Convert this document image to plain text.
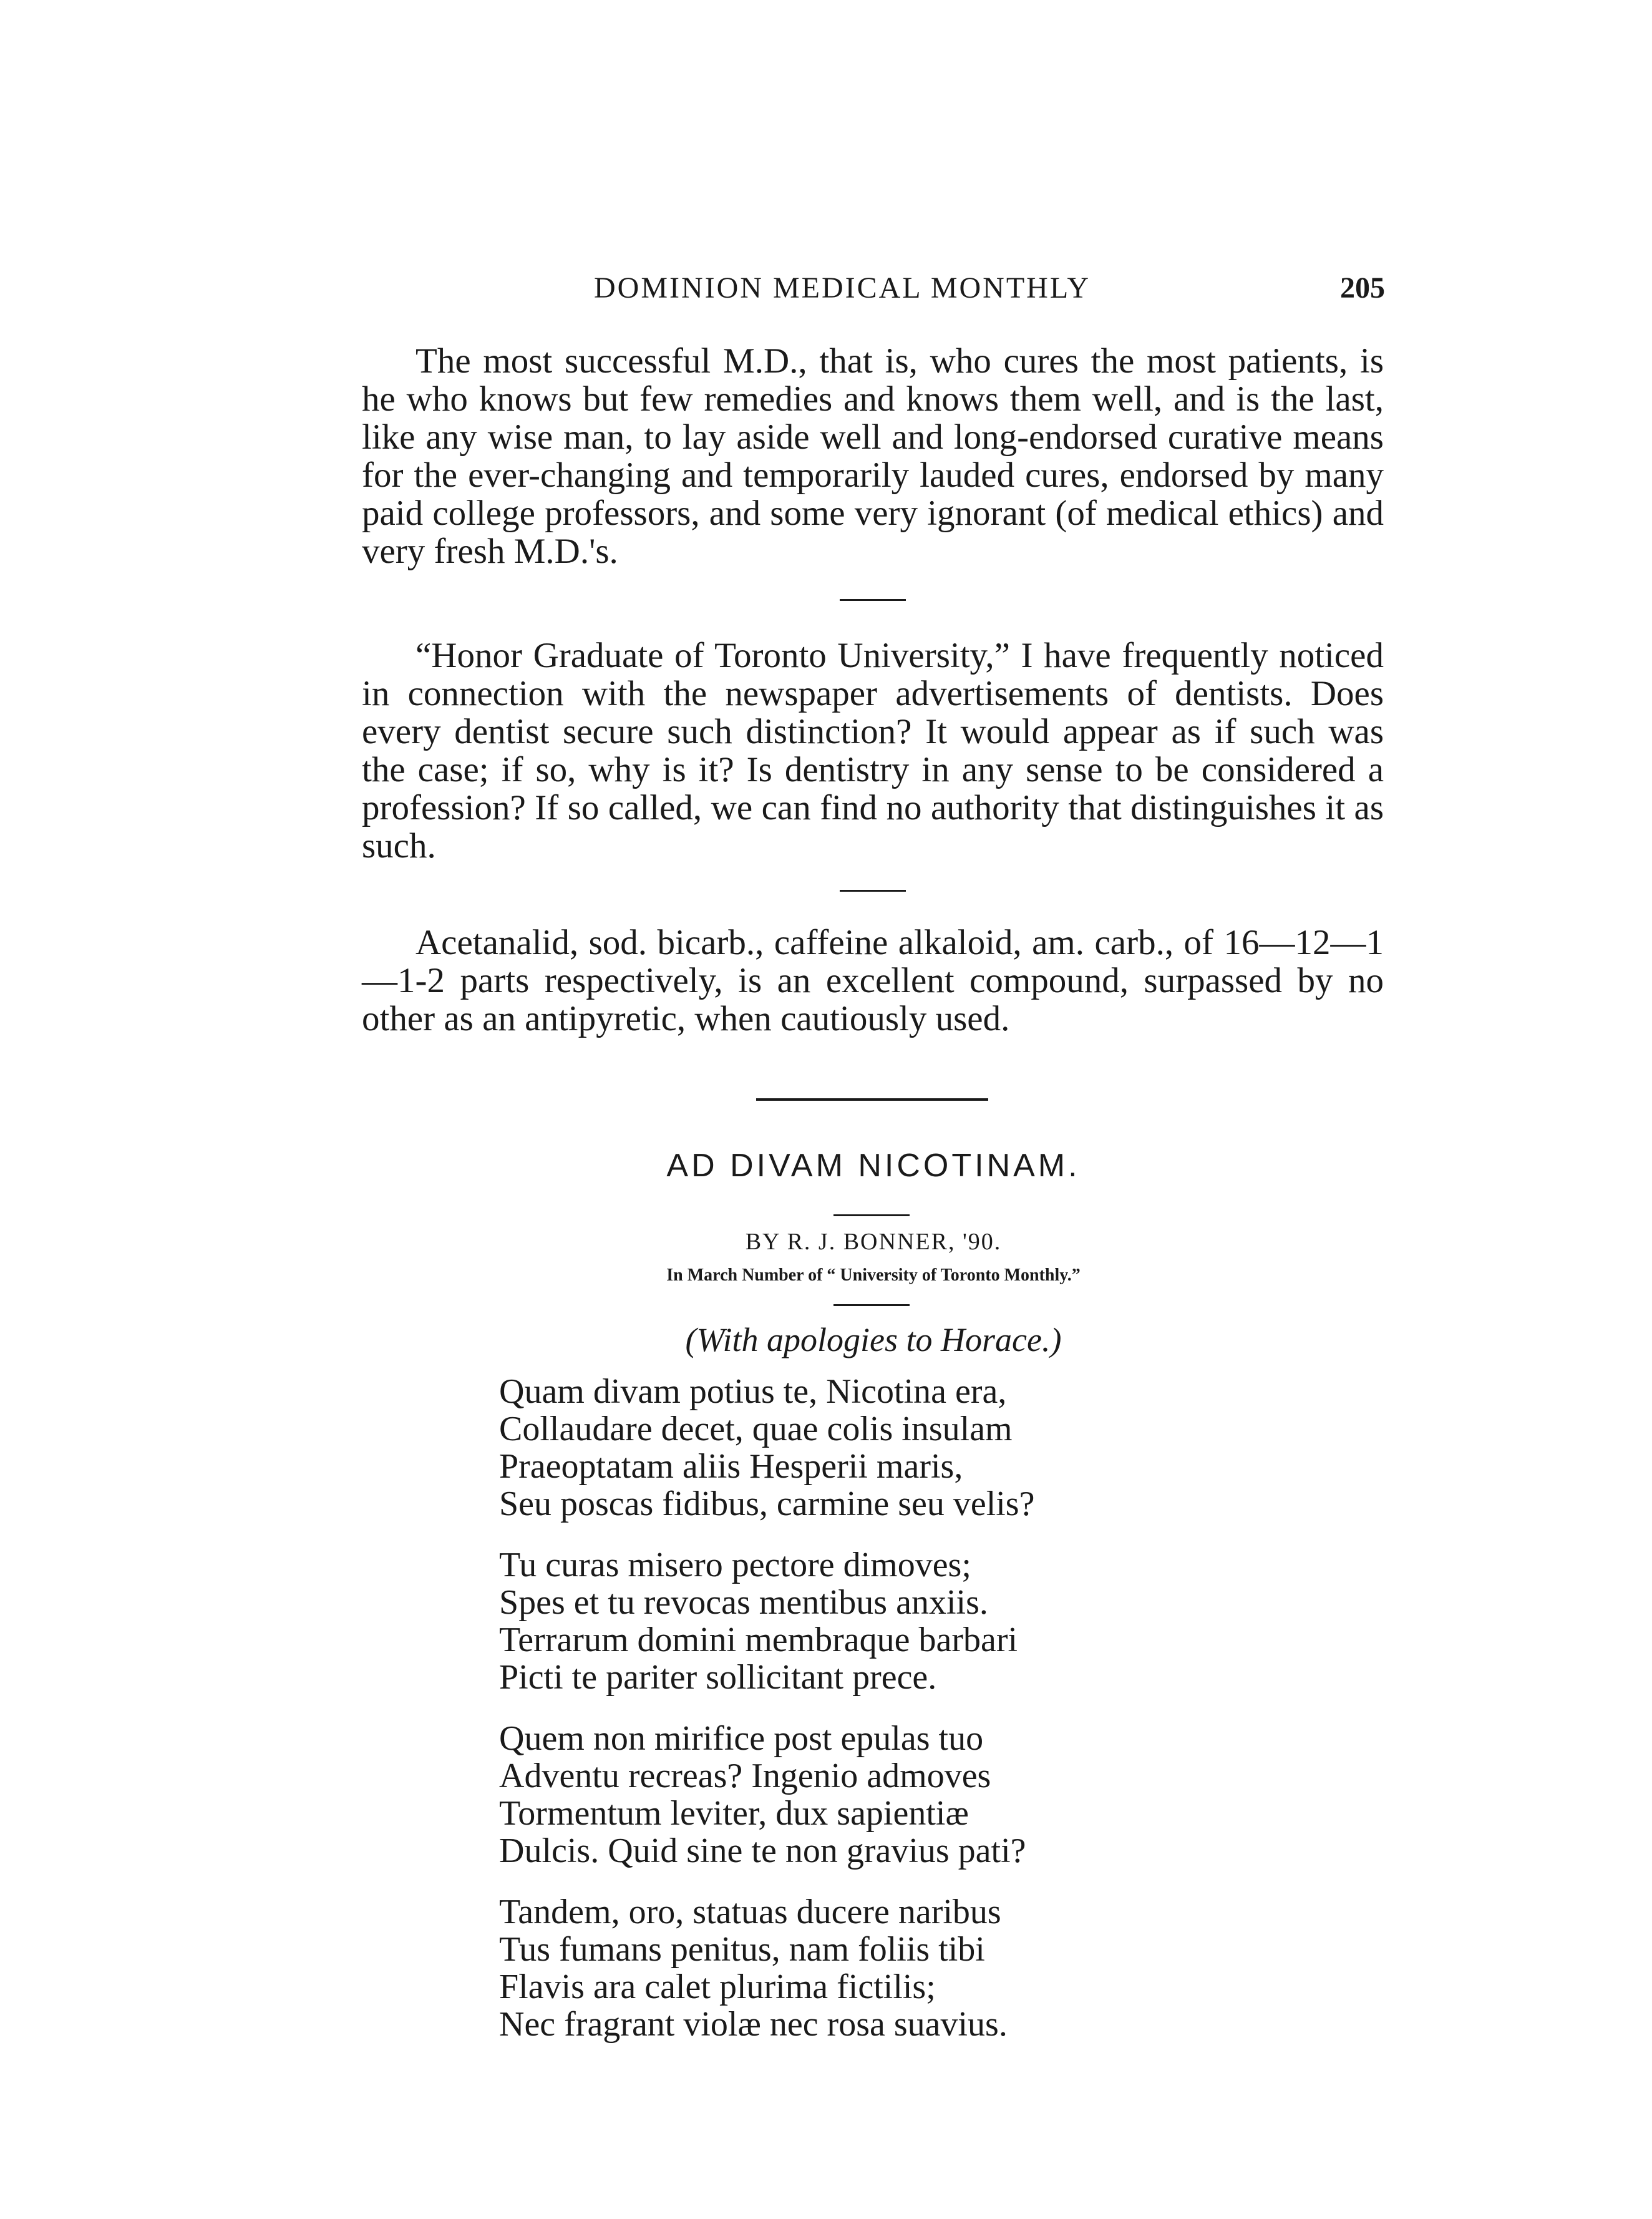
DOMINION MEDICAL MONTHLY	205

The most successful M.D., that is, who cures the most patients, is he who knows but few remedies and knows them well, and is the last, like any wise man, to lay aside well and long-endorsed curative means for the ever-changing and temporarily lauded cures, endorsed by many paid college professors, and some very ignorant (of medical ethics) and very fresh M.D.'s.

“Honor Graduate of Toronto University,” I have frequently noticed in connection with the newspaper advertisements of dentists. Does every dentist secure such distinction? It would appear as if such was the case; if so, why is it? Is dentistry in any sense to be considered a profession? If so called, we can find no authority that distinguishes it as such.

Acetanalid, sod. bicarb., caffeine alkaloid, am. carb., of 16—12—1—1-2 parts respectively, is an excellent compound, surpassed by no other as an antipyretic, when cautiously used.

AD DIVAM NICOTINAM.
BY R. J. BONNER, '90.
In March Number of “ University of Toronto Monthly.”
(With apologies to Horace.)
Quam divam potius te, Nicotina era,
Collaudare decet, quae colis insulam
Praeoptatam aliis Hesperii maris,
Seu poscas fidibus, carmine seu velis?
Tu curas misero pectore dimoves;
Spes et tu revocas mentibus anxiis.
Terrarum domini membraque barbari
Picti te pariter sollicitant prece.
Quem non mirifice post epulas tuo
Adventu recreas? Ingenio admoves
Tormentum leviter, dux sapientiæ
Dulcis. Quid sine te non gravius pati?
Tandem, oro, statuas ducere naribus
Tus fumans penitus, nam foliis tibi
Flavis ara calet plurima fictilis;
Nec fragrant violæ nec rosa suavius.
